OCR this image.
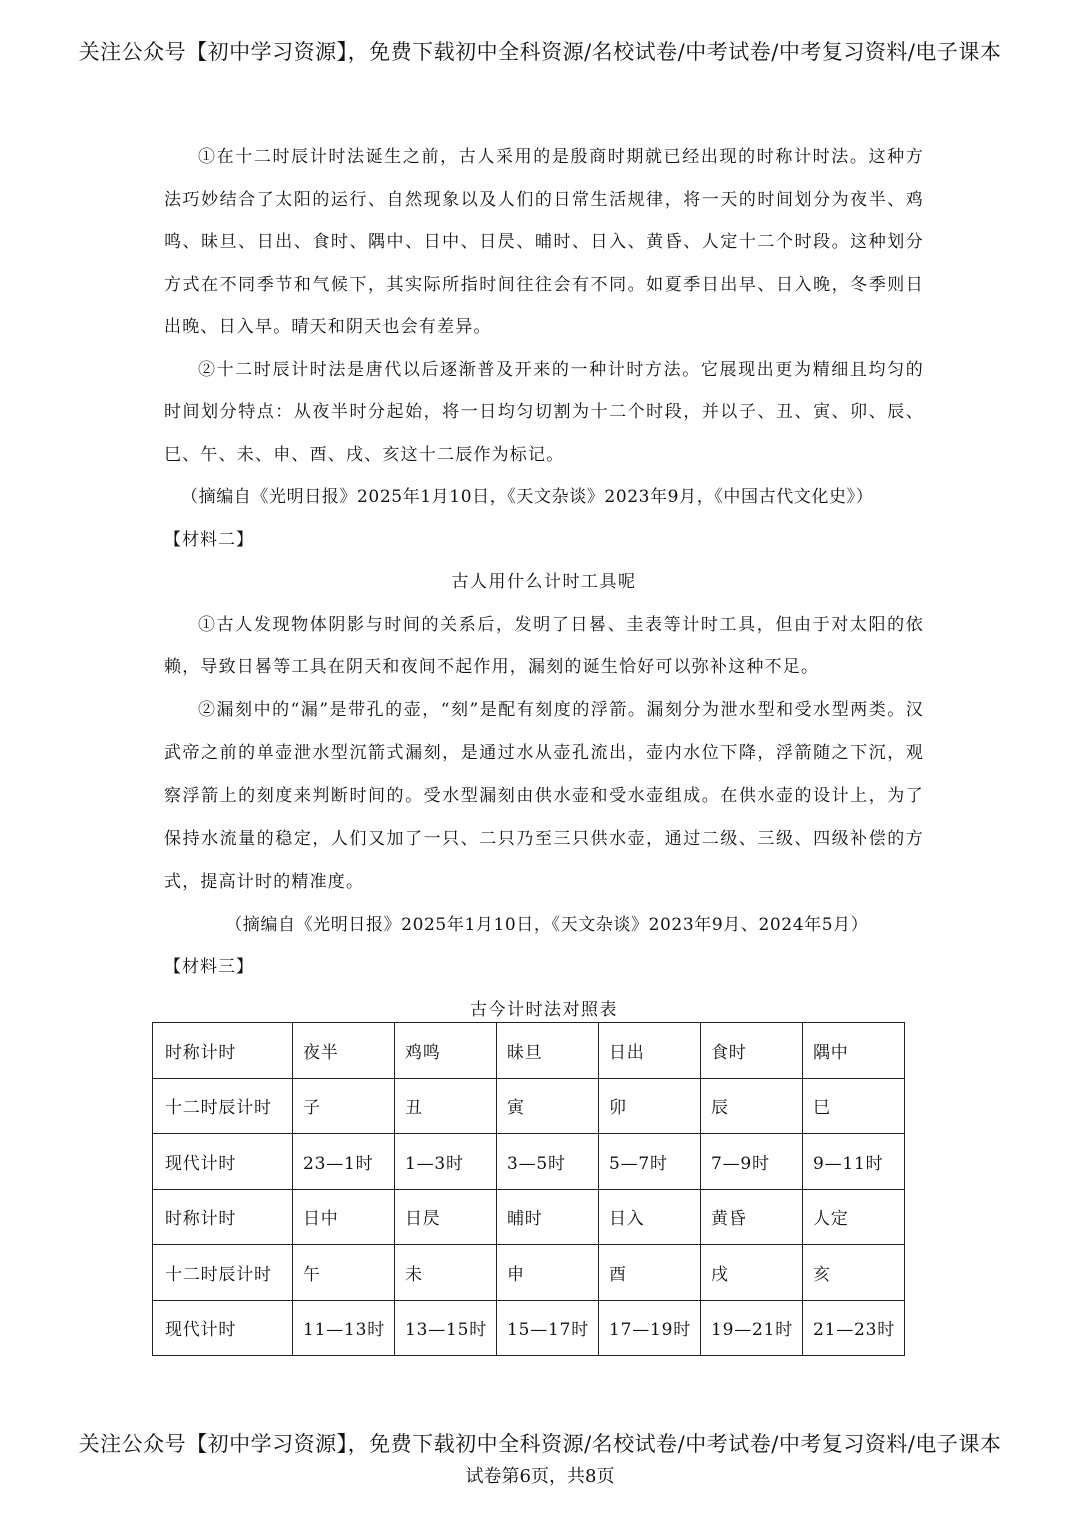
关注公众号【初中学习资源】，免费下载初中全科资源/名校试卷/中考试卷/中考复习资料/电子课本

①在十二时辰计时法诞生之前，古人采用的是殷商时期就已经出现的时称计时法。这种方法巧妙结合了太阳的运行、自然现象以及人们的日常生活规律，将一天的时间划分为夜半、鸡鸣、昧旦、日出、食时、隅中、日中、日昃、晡时、日入、黄昏、人定十二个时段。这种划分方式在不同季节和气候下，其实际所指时间往往会有不同。如夏季日出早、日入晚，冬季则日出晚、日入早。晴天和阴天也会有差异。

②十二时辰计时法是唐代以后逐渐普及开来的一种计时方法。它展现出更为精细且均匀的时间划分特点：从夜半时分起始，将一日均匀切割为十二个时段，并以子、丑、寅、卯、辰、巳、午、未、申、酉、戌、亥这十二辰作为标记。

（摘编自《光明日报》2025年1月10日，《天文杂谈》2023年9月，《中国古代文化史》）

【材料二】

古人用什么计时工具呢

①古人发现物体阴影与时间的关系后，发明了日晷、圭表等计时工具，但由于对太阳的依赖，导致日晷等工具在阴天和夜间不起作用，漏刻的诞生恰好可以弥补这种不足。

②漏刻中的“漏”是带孔的壶，“刻”是配有刻度的浮箭。漏刻分为泄水型和受水型两类。汉武帝之前的单壶泄水型沉箭式漏刻，是通过水从壶孔流出，壶内水位下降，浮箭随之下沉，观察浮箭上的刻度来判断时间的。受水型漏刻由供水壶和受水壶组成。在供水壶的设计上，为了保持水流量的稳定，人们又加了一只、二只乃至三只供水壶，通过二级、三级、四级补偿的方式，提高计时的精准度。

（摘编自《光明日报》2025年1月10日，《天文杂谈》2023年9月、2024年5月）

【材料三】

古今计时法对照表

时称计时	夜半	鸡鸣	昧旦	日出	食时	隅中
十二时辰计时	子	丑	寅	卯	辰	巳
现代计时	23—1时	1—3时	3—5时	5—7时	7—9时	9—11时
时称计时	日中	日昃	晡时	日入	黄昏	人定
十二时辰计时	午	未	申	酉	戌	亥
现代计时	11—13时	13—15时	15—17时	17—19时	19—21时	21—23时
关注公众号【初中学习资源】，免费下载初中全科资源/名校试卷/中考试卷/中考复习资料/电子课本
试卷第6页，共8页
